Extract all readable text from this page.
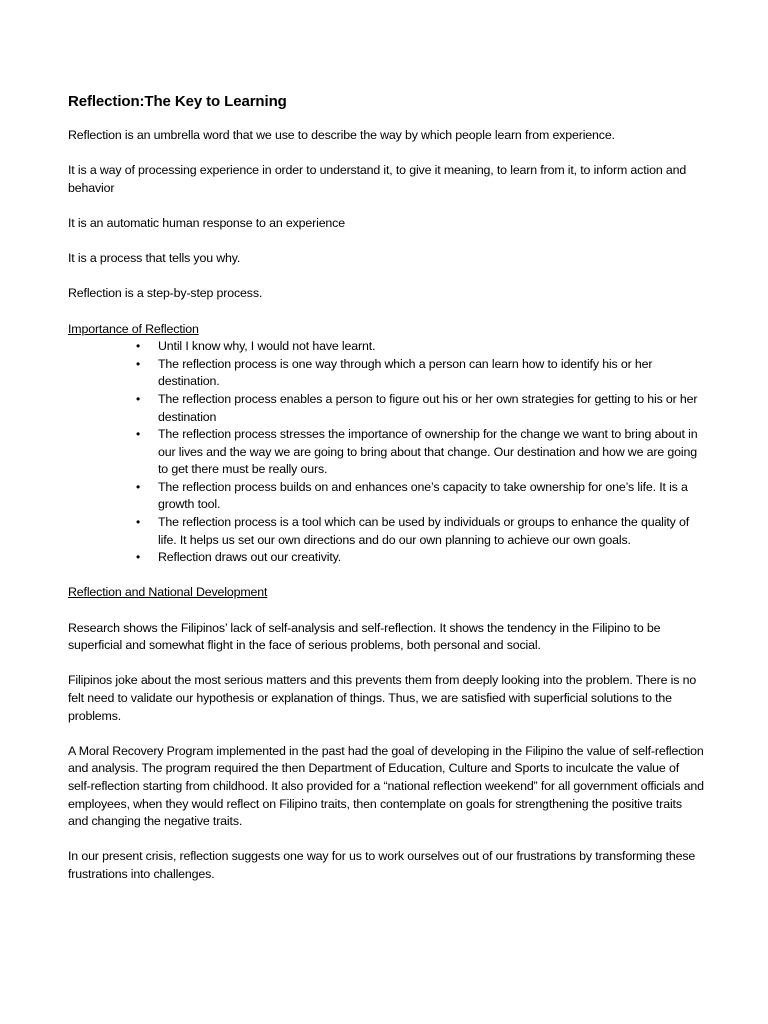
Reflection:The Key to Learning

Reflection is an umbrella word that we use to describe the way by which people learn from experience.

It is a way of processing experience in order to understand it, to give it meaning, to learn from it, to inform action and behavior

It is an automatic human response to an experience

It is a process that tells you why.

Reflection is a step-by-step process.

Importance of Reflection

• Until I know why, I would not have learnt.
• The reflection process is one way through which a person can learn how to identify his or her destination.
• The reflection process enables a person to figure out his or her own strategies for getting to his or her destination
• The reflection process stresses the importance of ownership for the change we want to bring about in our lives and the way we are going to bring about that change. Our destination and how we are going to get there must be really ours.
• The reflection process builds on and enhances one’s capacity to take ownership for one’s life. It is a growth tool.
• The reflection process is a tool which can be used by individuals or groups to enhance the quality of life. It helps us set our own directions and do our own planning to achieve our own goals.
• Reflection draws out our creativity.

Reflection and National Development

Research shows the Filipinos’ lack of self-analysis and self-reflection. It shows the tendency in the Filipino to be superficial and somewhat flight in the face of serious problems, both personal and social.

Filipinos joke about the most serious matters and this prevents them from deeply looking into the problem. There is no felt need to validate our hypothesis or explanation of things. Thus, we are satisfied with superficial solutions to the problems.

A Moral Recovery Program implemented in the past had the goal of developing in the Filipino the value of self-reflection and analysis. The program required the then Department of Education, Culture and Sports to inculcate the value of self-reflection starting from childhood. It also provided for a “national reflection weekend” for all government officials and employees, when they would reflect on Filipino traits, then contemplate on goals for strengthening the positive traits and changing the negative traits.

In our present crisis, reflection suggests one way for us to work ourselves out of our frustrations by transforming these frustrations into challenges.
